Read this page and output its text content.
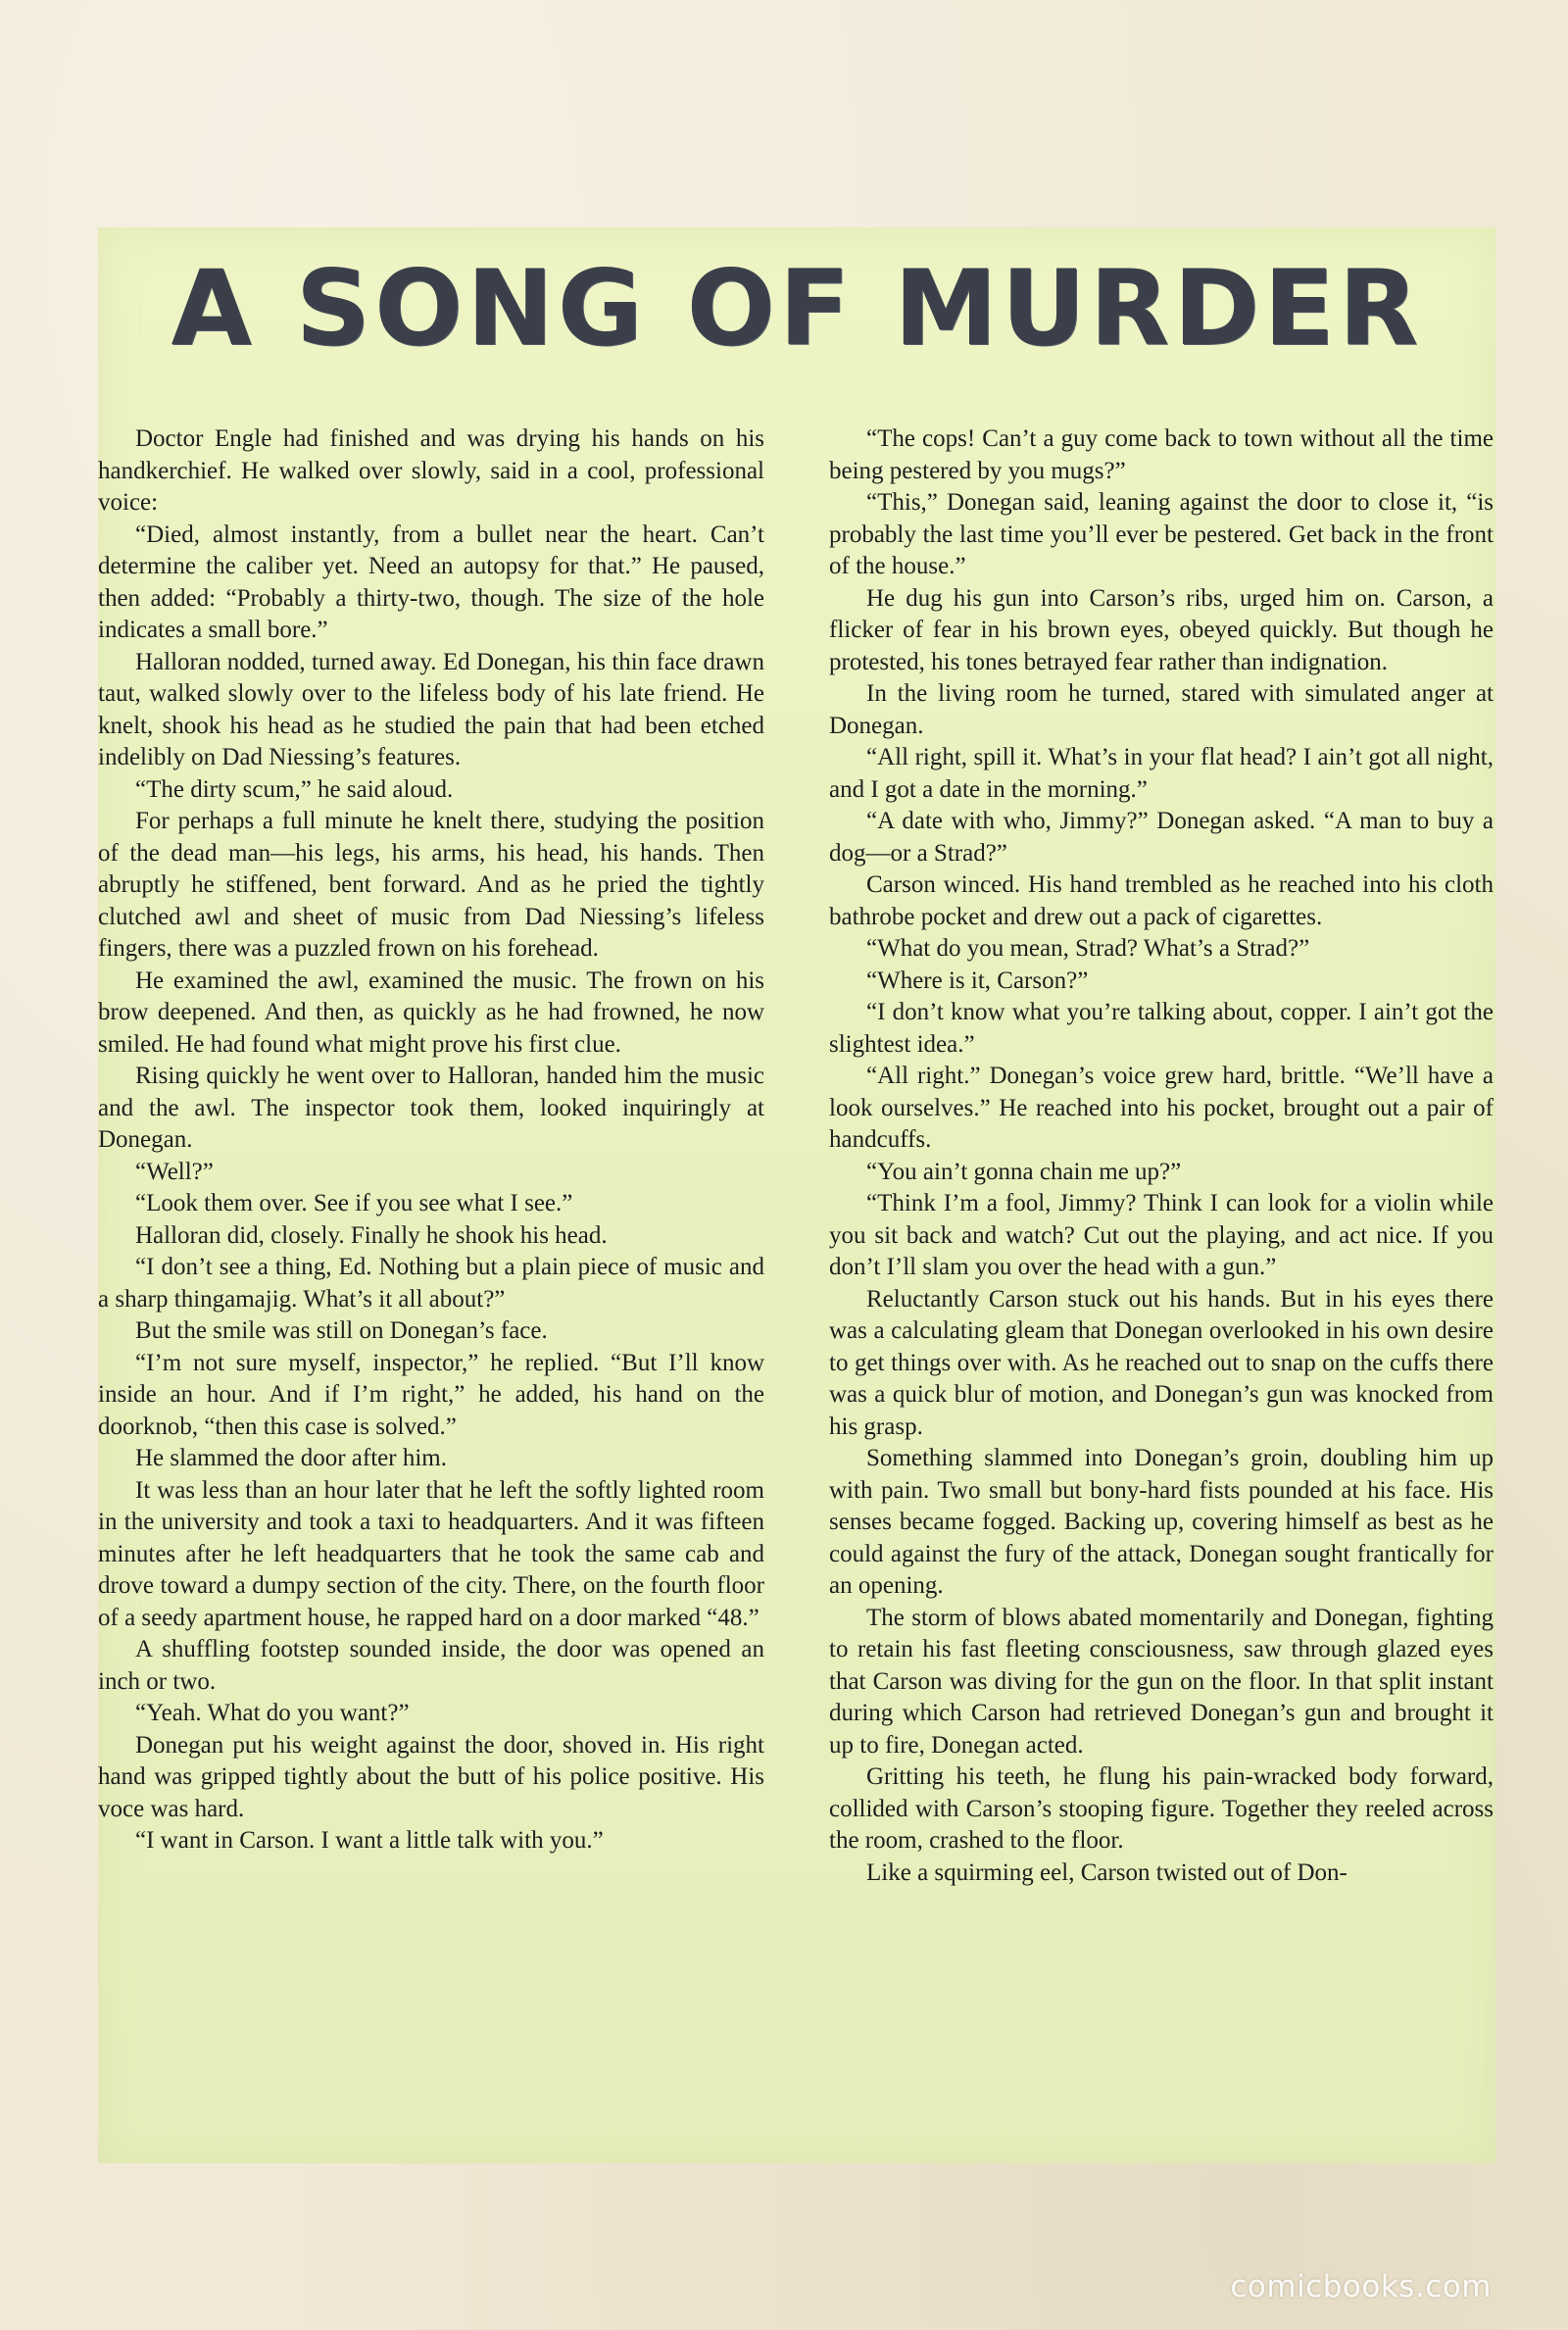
A SONG OF MURDER

Doctor Engle had finished and was drying his hands on his handkerchief. He walked over slowly, said in a cool, professional voice:

“Died, almost instantly, from a bullet near the heart. Can’t determine the caliber yet. Need an autopsy for that.” He paused, then added: “Probably a thirty-two, though. The size of the hole indicates a small bore.”

Halloran nodded, turned away. Ed Donegan, his thin face drawn taut, walked slowly over to the lifeless body of his late friend. He knelt, shook his head as he studied the pain that had been etched indelibly on Dad Niessing’s features.

“The dirty scum,” he said aloud.

For perhaps a full minute he knelt there, studying the position of the dead man—his legs, his arms, his head, his hands. Then abruptly he stiffened, bent forward. And as he pried the tightly clutched awl and sheet of music from Dad Niessing’s lifeless fingers, there was a puzzled frown on his forehead.

He examined the awl, examined the music. The frown on his brow deepened. And then, as quickly as he had frowned, he now smiled. He had found what might prove his first clue.

Rising quickly he went over to Halloran, handed him the music and the awl. The inspector took them, looked inquiringly at Donegan.

“Well?”

“Look them over. See if you see what I see.”

Halloran did, closely. Finally he shook his head.

“I don’t see a thing, Ed. Nothing but a plain piece of music and a sharp thingamajig. What’s it all about?”

But the smile was still on Donegan’s face.

“I’m not sure myself, inspector,” he replied. “But I’ll know inside an hour. And if I’m right,” he added, his hand on the doorknob, “then this case is solved.”

He slammed the door after him.

It was less than an hour later that he left the softly lighted room in the university and took a taxi to headquarters. And it was fifteen minutes after he left headquarters that he took the same cab and drove toward a dumpy section of the city. There, on the fourth floor of a seedy apartment house, he rapped hard on a door marked “48.”

A shuffling footstep sounded inside, the door was opened an inch or two.

“Yeah. What do you want?”

Donegan put his weight against the door, shoved in. His right hand was gripped tightly about the butt of his police positive. His voce was hard.

“I want in Carson. I want a little talk with you.”

“The cops! Can’t a guy come back to town without all the time being pestered by you mugs?”

“This,” Donegan said, leaning against the door to close it, “is probably the last time you’ll ever be pestered. Get back in the front of the house.”

He dug his gun into Carson’s ribs, urged him on. Carson, a flicker of fear in his brown eyes, obeyed quickly. But though he protested, his tones betrayed fear rather than indignation.

In the living room he turned, stared with simulated anger at Donegan.

“All right, spill it. What’s in your flat head? I ain’t got all night, and I got a date in the morning.”

“A date with who, Jimmy?” Donegan asked. “A man to buy a dog—or a Strad?”

Carson winced. His hand trembled as he reached into his cloth bathrobe pocket and drew out a pack of cigarettes.

“What do you mean, Strad? What’s a Strad?”

“Where is it, Carson?”

“I don’t know what you’re talking about, copper. I ain’t got the slightest idea.”

“All right.” Donegan’s voice grew hard, brittle. “We’ll have a look ourselves.” He reached into his pocket, brought out a pair of handcuffs.

“You ain’t gonna chain me up?”

“Think I’m a fool, Jimmy? Think I can look for a violin while you sit back and watch? Cut out the playing, and act nice. If you don’t I’ll slam you over the head with a gun.”

Reluctantly Carson stuck out his hands. But in his eyes there was a calculating gleam that Donegan overlooked in his own desire to get things over with. As he reached out to snap on the cuffs there was a quick blur of motion, and Donegan’s gun was knocked from his grasp.

Something slammed into Donegan’s groin, doubling him up with pain. Two small but bony-hard fists pounded at his face. His senses became fogged. Backing up, covering himself as best as he could against the fury of the attack, Donegan sought frantically for an opening.

The storm of blows abated momentarily and Donegan, fighting to retain his fast fleeting consciousness, saw through glazed eyes that Carson was diving for the gun on the floor. In that split instant during which Carson had retrieved Donegan’s gun and brought it up to fire, Donegan acted.

Gritting his teeth, he flung his pain-wracked body forward, collided with Carson’s stooping figure. Together they reeled across the room, crashed to the floor.

Like a squirming eel, Carson twisted out of Don-

comicbooks.com
